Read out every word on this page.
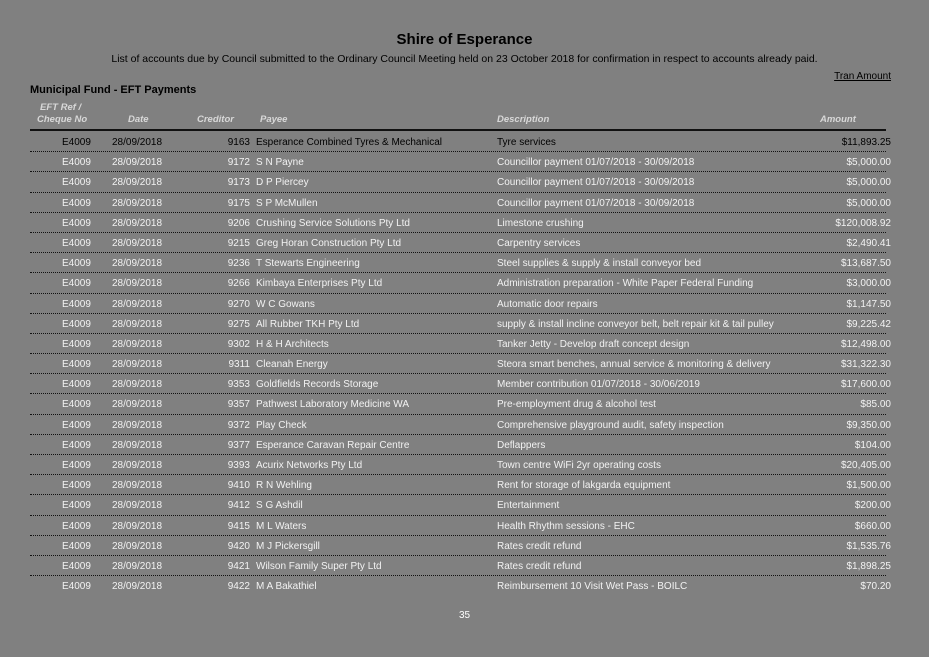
Shire of Esperance
List of accounts due by Council submitted to the Ordinary Council Meeting held on 23 October 2018 for confirmation in respect to accounts already paid.
Tran Amount
Municipal Fund - EFT Payments
EFT Ref /
Cheque No	Date	Creditor	Payee	Description	Amount
E4009 28/09/2018	9163 Esperance Combined Tyres & Mechanical	Tyre services	$11,893.25
E4009 28/09/2018	9172 S N Payne	Councillor payment 01/07/2018 - 30/09/2018	$5,000.00
E4009 28/09/2018	9173 D P Piercey	Councillor payment 01/07/2018 - 30/09/2018	$5,000.00
E4009 28/09/2018	9175 S P McMullen	Councillor payment 01/07/2018 - 30/09/2018	$5,000.00
E4009 28/09/2018	9206 Crushing Service Solutions Pty Ltd	Limestone crushing	$120,008.92
E4009 28/09/2018	9215 Greg Horan Construction Pty Ltd	Carpentry services	$2,490.41
E4009 28/09/2018	9236 T Stewarts Engineering	Steel supplies & supply & install conveyor bed	$13,687.50
E4009 28/09/2018	9266 Kimbaya Enterprises Pty Ltd	Administration preparation - White Paper Federal Funding	$3,000.00
E4009 28/09/2018	9270 W C Gowans	Automatic door repairs	$1,147.50
E4009 28/09/2018	9275 All Rubber TKH Pty Ltd	supply & install incline conveyor belt, belt repair kit & tail pulley	$9,225.42
E4009 28/09/2018	9302 H & H Architects	Tanker Jetty - Develop draft concept design	$12,498.00
E4009 28/09/2018	9311 Cleanah Energy	Steora smart benches, annual service & monitoring & delivery	$31,322.30
E4009 28/09/2018	9353 Goldfields Records Storage	Member contribution 01/07/2018 - 30/06/2019	$17,600.00
E4009 28/09/2018	9357 Pathwest Laboratory Medicine WA	Pre-employment drug & alcohol test	$85.00
E4009 28/09/2018	9372 Play Check	Comprehensive playground audit, safety inspection	$9,350.00
E4009 28/09/2018	9377 Esperance Caravan Repair Centre	Deflappers	$104.00
E4009 28/09/2018	9393 Acurix Networks Pty Ltd	Town centre WiFi 2yr operating costs	$20,405.00
E4009 28/09/2018	9410 R N Wehling	Rent for storage of lakgarda equipment	$1,500.00
E4009 28/09/2018	9412 S G Ashdil	Entertainment	$200.00
E4009 28/09/2018	9415 M L Waters	Health Rhythm sessions - EHC	$660.00
E4009 28/09/2018	9420 M J Pickersgill	Rates credit refund	$1,535.76
E4009 28/09/2018	9421 Wilson Family Super Pty Ltd	Rates credit refund	$1,898.25
E4009 28/09/2018	9422 M A Bakathiel	Reimbursement 10 Visit Wet Pass - BOILC	$70.20
35
